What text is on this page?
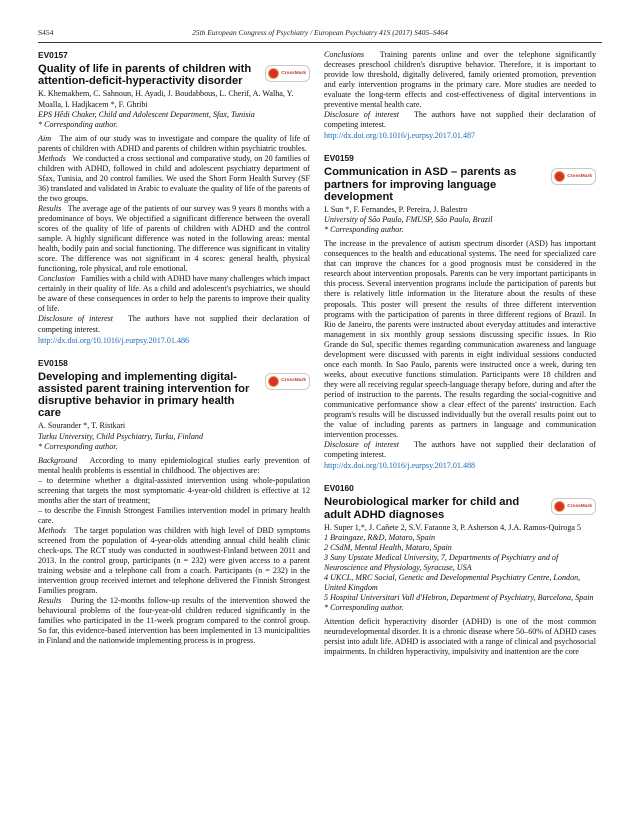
S454	25th European Congress of Psychiatry / European Psychiatry 41S (2017) S405–S464
EV0157
Quality of life in parents of children with attention-deficit-hyperactivity disorder
CrossMark
K. Khemakhem, C. Sahnoun, H. Ayadi, J. Boudabbous, L. Cherif, A. Walha, Y. Moalla, I. Hadjkacem *, F. Ghribi
EPS Hêdi Chaker, Child and Adolescent Department, Sfax, Tunisia
* Corresponding author.

Aim The aim of our study was to investigate and compare the quality of life of parents of children with ADHD and parents of children within psychiatric troubles.

Methods We conducted a cross sectional and comparative study, on 20 families of children with ADHD, followed in child and adolescent psychiatry department of Sfax, Tunisia, and 20 control families. We used the Short Form Health Survey (SF 36) translated and validated in Arabic to evaluate the quality of life of the parents of the two groups.

Results The average age of the patients of our survey was 9 years 8 months with a predominance of boys. We objectified a significant difference between the overall scores of the quality of life of parents of children with ADHD and the control sample. A highly significant difference was noted in the following areas: mental health, bodily pain and social functioning. The difference was significant in vitality score. The difference was not significant in 4 scores: general health, physical functioning, role physical, and role emotional.

Conclusion Families with a child with ADHD have many challenges which impact certainly in their quality of life. As a child and adolescent's psychiatrics, we should be aware of these consequences in order to help the parents to improve their quality of life.

Disclosure of interest The authors have not supplied their declaration of competing interest.

http://dx.doi.org/10.1016/j.eurpsy.2017.01.486
EV0158
Developing and implementing digital-assisted parent training intervention for disruptive behavior in primary health care
CrossMark
A. Sourander *, T. Ristkari
Turku University, Child Psychiatry, Turku, Finland
* Corresponding author.

Background According to many epidemiological studies early prevention of mental health problems is essential in childhood. The objectives are:

– to determine whether a digital-assisted intervention using whole-population screening that targets the most symptomatic 4-year-old children is effective at 12 months after the start of treatment;

– to describe the Finnish Strongest Families intervention model in primary health care.

Methods The target population was children with high level of DBD symptoms screened from the population of 4-year-olds attending annual child health clinic check-ups. The RCT study was conducted in southwest-Finland between 2011 and 2013. In the control group, participants (n = 232) were given access to a parent training website and a telephone call from a coach. Participants (n = 232) in the intervention group received internet and telephone delivered the Finnish Strongest Families program.

Results During the 12-months follow-up results of the intervention showed the behavioural problems of the four-year-old children reduced significantly in the families who participated in the 11-week program compared to the control group. So far, this evidence-based intervention has been implemented in 13 municipalities in Finland and the nationwide implementing process is in progress.

Conclusions Training parents online and over the telephone significantly decreases preschool children's disruptive behavior. Therefore, it is important to provide low threshold, digitally delivered, family oriented promotion, prevention and early intervention programs in the primary care. More studies are needed to evaluate the long-term effects and cost-effectiveness of digital interventions in preventive mental health care.

Disclosure of interest The authors have not supplied their declaration of competing interest.

http://dx.doi.org/10.1016/j.eurpsy.2017.01.487
EV0159
Communication in ASD – parents as partners for improving language development
CrossMark
I. Sun *, F. Fernandes, P. Pereira, J. Balestro
University of São Paulo, FMUSP, São Paulo, Brazil
* Corresponding author.

The increase in the prevalence of autism spectrum disorder (ASD) has important consequences to the health and educational systems. The need for specialized care that can improve the chances for a good prognosis must be considered in the research about intervention proposals. Parents can be very important participants in this process. Several intervention programs include the participation of parents but there is relatively little information in the literature about the results of these proposals. This poster will present the results of three different intervention programs with the participation of parents in three different regions of Brazil. In Rio de Janeiro, the parents were instructed about everyday attitudes and interactive management in six monthly group sessions discussing specific issues. In Rio Grande do Sul, specific themes regarding communication awareness and language development were discussed with parents in eight individual sessions conducted once each month. In Sao Paulo, parents were instructed once a week, during ten weeks, about executive functions stimulation. Participants were 18 children and they were all receiving regular speech-language therapy before, during and after the period of instruction to the parents. The results regarding the social-cognitive and communicative performance show a clear effect of the parents' instruction. Each program's results will be discussed individually but the overall results point out to the value of including parents as partners in language and communication intervention processes.

Disclosure of interest The authors have not supplied their declaration of competing interest.

http://dx.doi.org/10.1016/j.eurpsy.2017.01.488
EV0160
Neurobiological marker for child and adult ADHD diagnoses
CrossMark
H. Super 1,*, J. Cañete 2, S.V. Faraone 3, P. Asherson 4, J.A. Ramos-Quiroga 5
1 Braingaze, R&D, Mataro, Spain
2 CSdM, Mental Health, Mataro, Spain
3 Suny Upstate Medical University, 7, Departments of Psychiatry and of Neuroscience and Physiology, Syracuse, USA
4 UKCL, MRC Social, Genetic and Developmental Psychiatry Centre, London, United Kingdom
5 Hospital Universitari Vall d'Hebron, Department of Psychiatry, Barcelona, Spain
* Corresponding author.

Attention deficit hyperactivity disorder (ADHD) is one of the most common neurodevelopmental disorder. It is a chronic disease where 50–60% of ADHD cases persist into adult life. ADHD is associated with a range of clinical and psychosocial impairments. In children hyperactivity, impulsivity and inattention are the core
